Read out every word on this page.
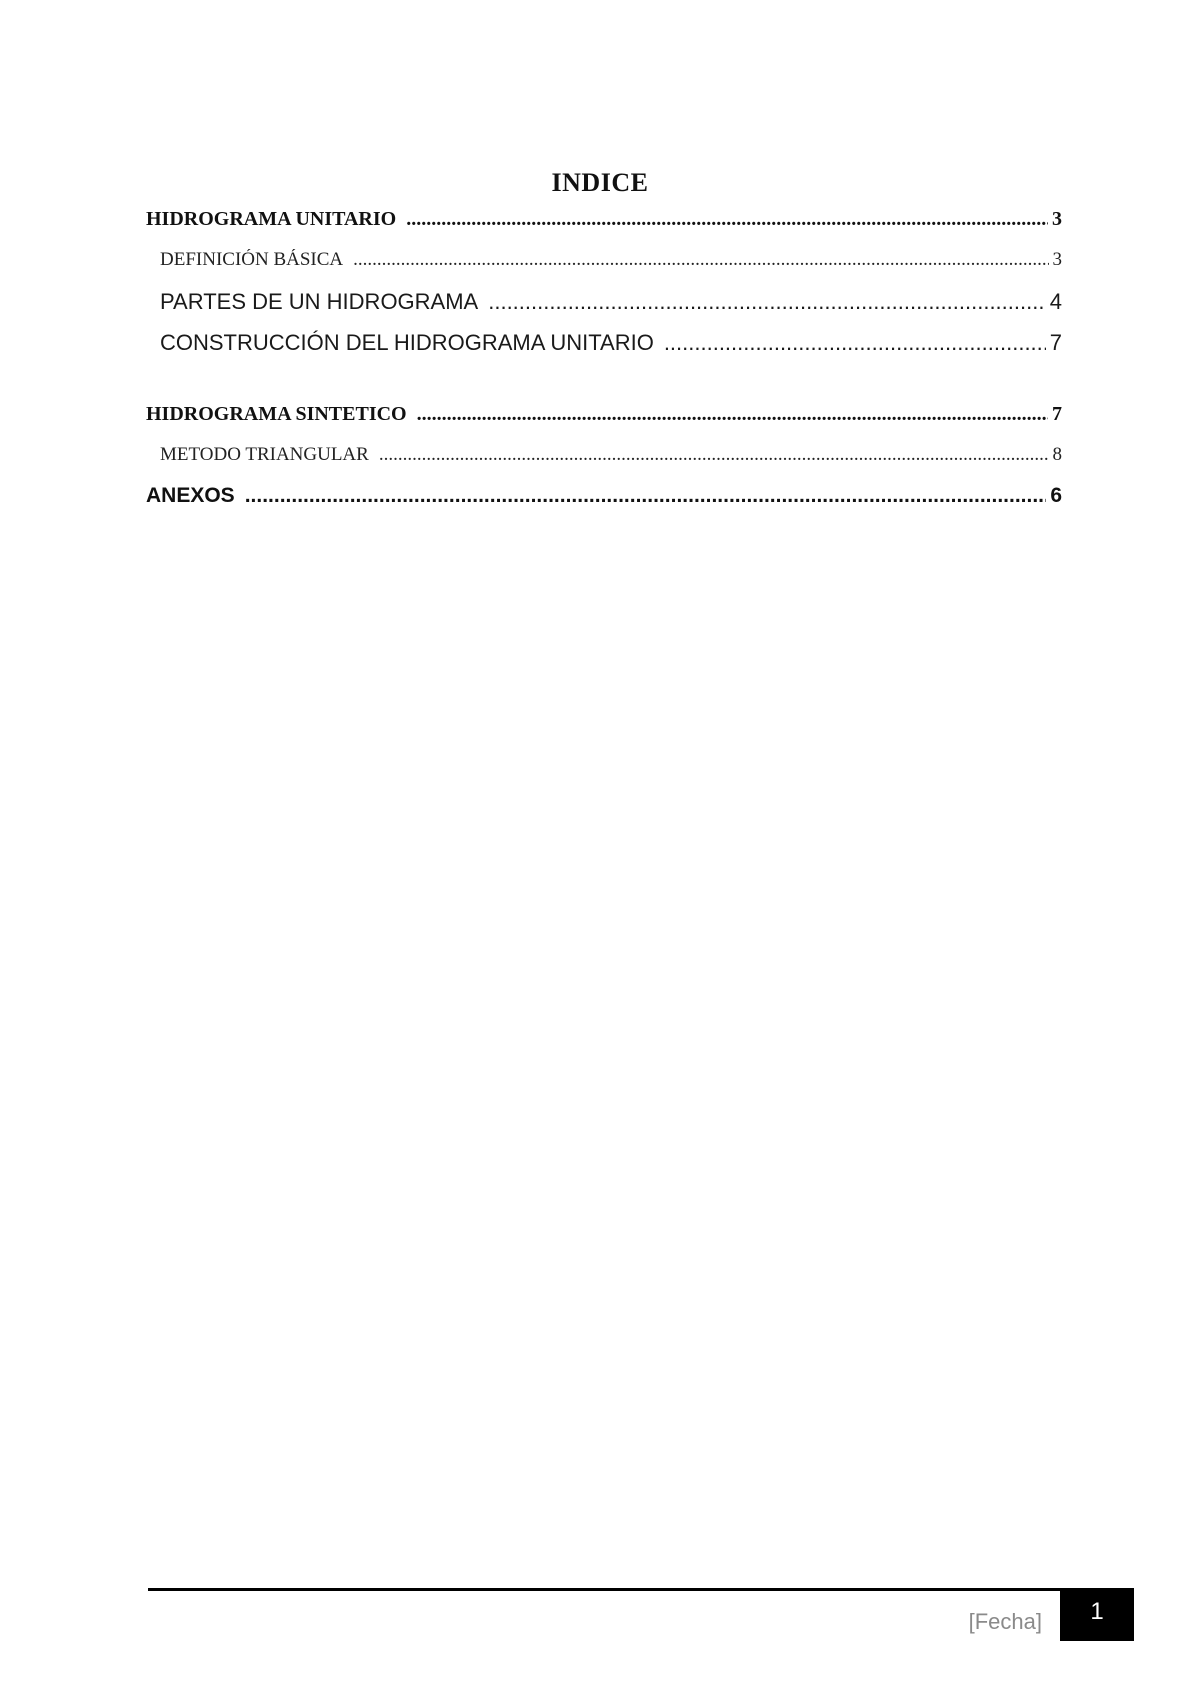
INDICE
HIDROGRAMA UNITARIO .....	3
DEFINICIÓN BÁSICA .....	3
PARTES DE UN HIDROGRAMA .....	4
CONSTRUCCIÓN DEL HIDROGRAMA UNITARIO .....	7
HIDROGRAMA SINTETICO .....	7
METODO TRIANGULAR .....	8
ANEXOS .....	6
[Fecha]	1
